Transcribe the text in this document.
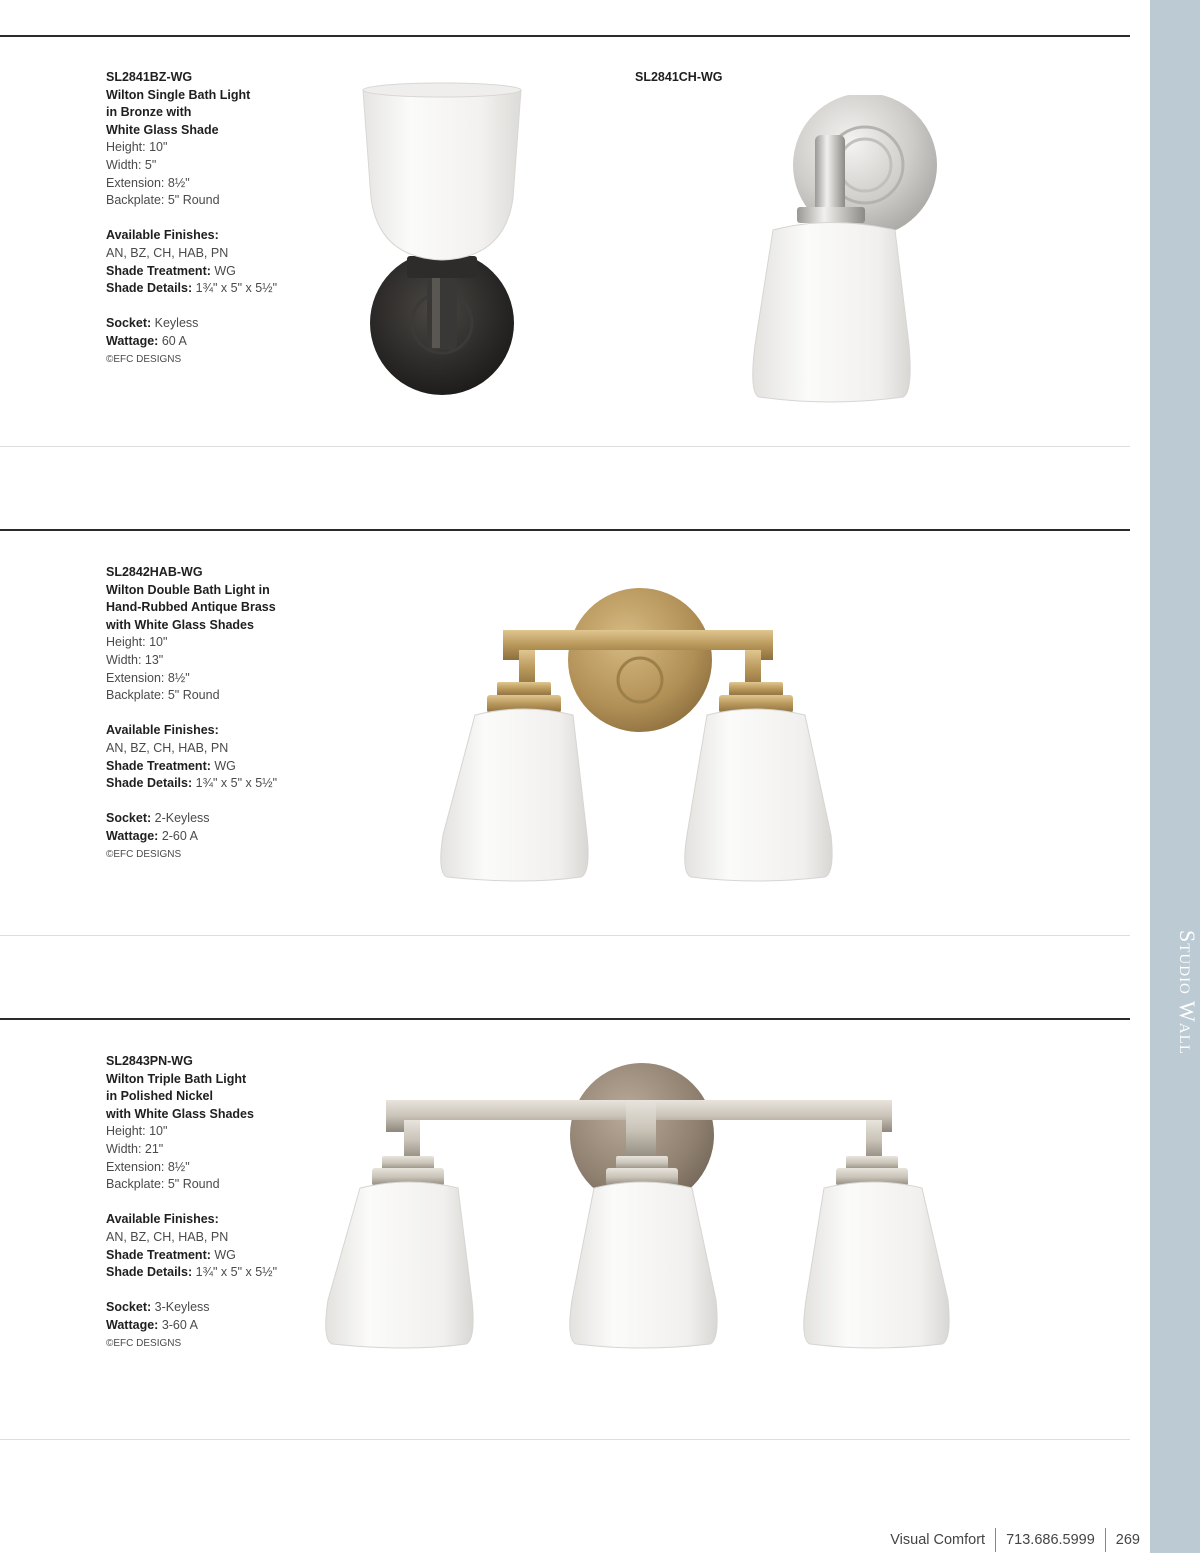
Studio Wall
SL2841BZ-WG
Wilton Single Bath Light
in Bronze with
White Glass Shade
Height: 10"
Width: 5"
Extension: 8½"
Backplate: 5" Round
Available Finishes:
AN, BZ, CH, HAB, PN
Shade Treatment: WG
Shade Details: 1¾" x 5" x 5½"
Socket: Keyless
Wattage: 60 A
©EFC DESIGNS
SL2841CH-WG
SL2842HAB-WG
Wilton Double Bath Light in
Hand-Rubbed Antique Brass
with White Glass Shades
Height: 10"
Width: 13"
Extension: 8½"
Backplate: 5" Round
Available Finishes:
AN, BZ, CH, HAB, PN
Shade Treatment: WG
Shade Details: 1¾" x 5" x 5½"
Socket: 2-Keyless
Wattage: 2-60 A
©EFC DESIGNS
SL2843PN-WG
Wilton Triple Bath Light
in Polished Nickel
with White Glass Shades
Height: 10"
Width: 21"
Extension: 8½"
Backplate: 5" Round
Available Finishes:
AN, BZ, CH, HAB, PN
Shade Treatment: WG
Shade Details: 1¾" x 5" x 5½"
Socket: 3-Keyless
Wattage: 3-60 A
©EFC DESIGNS
Visual Comfort 713.686.5999 269
